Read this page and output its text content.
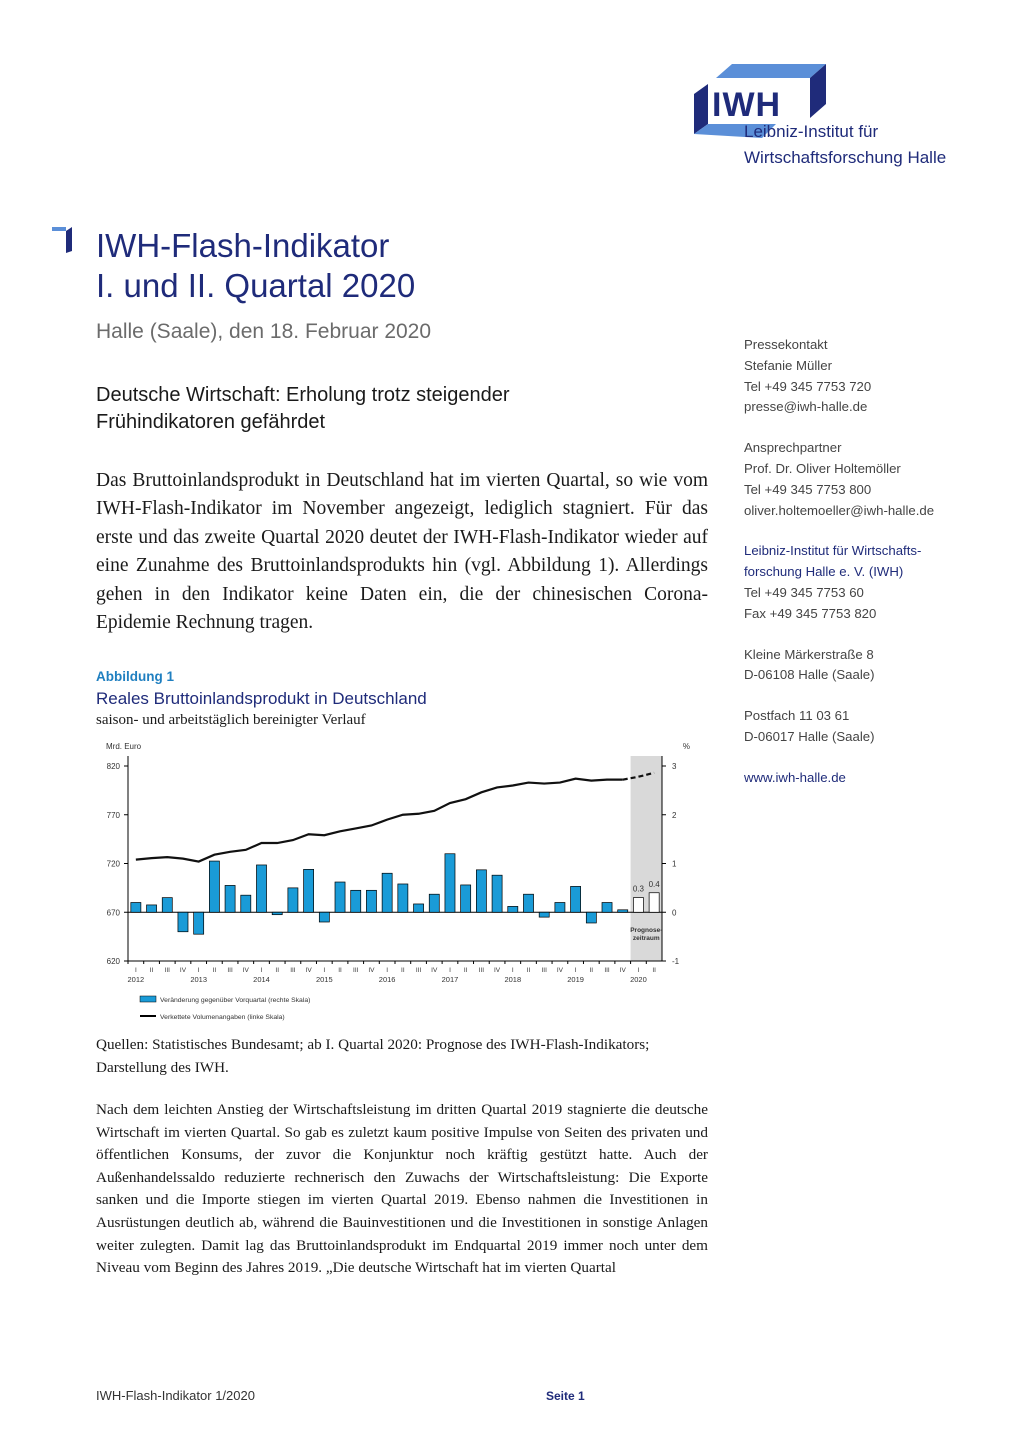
IWH
Leibniz-Institut für
Wirtschaftsforschung Halle
IWH-Flash-Indikator
I. und II. Quartal 2020
Halle (Saale), den 18. Februar 2020
Deutsche Wirtschaft: Erholung trotz steigender
Frühindikatoren gefährdet
Das Bruttoinlandsprodukt in Deutschland hat im vierten Quartal, so wie vom IWH-Flash-Indikator im November angezeigt, lediglich stagniert. Für das erste und das zweite Quartal 2020 deutet der IWH-Flash-Indikator wieder auf eine Zunahme des Bruttoinlandsprodukts hin (vgl. Abbildung 1). Allerdings gehen in den Indikator keine Daten ein, die der chinesischen Corona-Epidemie Rechnung tragen.
Pressekontakt
Stefanie Müller
Tel +49 345 7753 720
presse@iwh-halle.de
Ansprechpartner
Prof. Dr. Oliver Holtemöller
Tel +49 345 7753 800
oliver.holtemoeller@iwh-halle.de
Leibniz-Institut für Wirtschafts-
forschung Halle e. V. (IWH)
Tel +49 345 7753 60
Fax +49 345 7753 820
Kleine Märkerstraße 8
D-06108 Halle (Saale)
Postfach 11 03 61
D-06017 Halle (Saale)
www.iwh-halle.de
Abbildung 1
Reales Bruttoinlandsprodukt in Deutschland
saison- und arbeitstäglich bereinigter Verlauf
Mrd. Euro	%
620
670
720
770
820
-1
0
1
2
3
0.3
0.4
Prognose-
zeitraum
I II III IV I II III IV I II III IV I II III IV I II III IV I II III IV I II III IV I II III IV I II
2012	2013	2014	2015	2016	2017	2018	2019	2020
Veränderung gegenüber Vorquartal (rechte Skala)
Verkettete Volumenangaben (linke Skala)
Quellen: Statistisches Bundesamt; ab I. Quartal 2020: Prognose des IWH-Flash-Indikators; Darstellung des IWH.
Nach dem leichten Anstieg der Wirtschaftsleistung im dritten Quartal 2019 stagnierte die deutsche Wirtschaft im vierten Quartal. So gab es zuletzt kaum positive Impulse von Seiten des privaten und öffentlichen Konsums, der zuvor die Konjunktur noch kräftig gestützt hatte. Auch der Außenhandelssaldo reduzierte rechnerisch den Zuwachs der Wirtschaftsleistung: Die Exporte sanken und die Importe stiegen im vierten Quartal 2019. Ebenso nahmen die Investitionen in Ausrüstungen deutlich ab, während die Bauinvestitionen und die Investitionen in sonstige Anlagen weiter zulegten. Damit lag das Bruttoinlandsprodukt im Endquartal 2019 immer noch unter dem Niveau vom Beginn des Jahres 2019. „Die deutsche Wirtschaft hat im vierten Quartal
IWH-Flash-Indikator 1/2020	Seite 1
